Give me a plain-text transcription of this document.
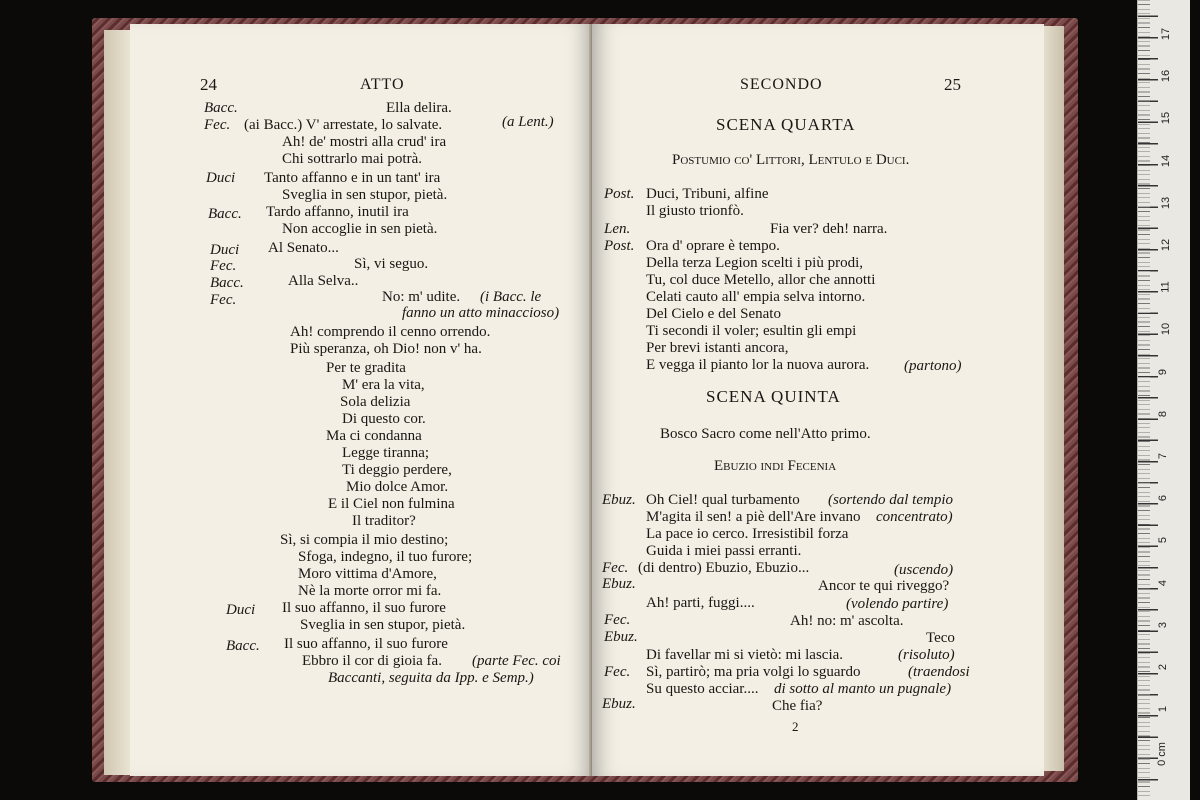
24	ATTO
Bacc.	Ella delira.
Fec. (ai Bacc.) V' arrestate, lo salvate.	(a Lent.)
Ah! de' mostri alla crud' ira
Chi sottrarlo mai potrà.
Duci Tanto affanno e in un tant' ira
Sveglia in sen stupor, pietà.
Bacc. Tardo affanno, inutil ira
Non accoglie in sen pietà.
Duci Al Senato...
Fec.	Sì, vi seguo.
Bacc.	Alla Selva..
Fec.	No: m' udite. (i Bacc. le
fanno un atto minaccioso)
Ah! comprendo il cenno orrendo.
Più speranza, oh Dio! non v' ha.
Per te gradita
M' era la vita,
Sola delizia
Di questo cor.
Ma ci condanna
Legge tiranna;
Ti deggio perdere,
Mio dolce Amor.
E il Ciel non fulmina
Il traditor?
Sì, si compia il mio destino;
Sfoga, indegno, il tuo furore;
Moro vittima d'Amore,
Nè la morte orror mi fa.
Duci Il suo affanno, il suo furore
Sveglia in sen stupor, pietà.
Bacc. Il suo affanno, il suo furore
Ebbro il cor di gioia fa. (parte Fec. coi
Baccanti, seguita da Ipp. e Semp.)
SECONDO	25
SCENA QUARTA
Postumio co' Littori, Lentulo e Duci.
Post. Duci, Tribuni, alfine
Il giusto trionfò.
Len.	Fia ver? deh! narra.
Post. Ora d' oprare è tempo.
Della terza Legion scelti i più prodi,
Tu, col duce Metello, allor che annotti
Celati cauto all' empia selva intorno.
Del Cielo e del Senato
Ti secondi il voler; esultin gli empi
Per brevi istanti ancora,
E vegga il pianto lor la nuova aurora. (partono)
SCENA QUINTA
Bosco Sacro come nell'Atto primo.
Ebuzio indi Fecenia
Ebuz. Oh Ciel! qual turbamento (sortendo dal tempio
M'agita il sen! a piè dell'Are invano concentrato)
La pace io cerco. Irresistibil forza
Guida i miei passi erranti.
Fec. (di dentro) Ebuzio, Ebuzio...	(uscendo)
Ebuz.	Ancor te qui riveggo?
Ah! parti, fuggi....	(volendo partire)
Fec.	Ah! no: m' ascolta.
Ebuz.	Teco
Di favellar mi si vietò: mi lascia.	(risoluto)
Fec. Sì, partirò; ma pria volgi lo sguardo	(traendosi
Su questo acciar.... di sotto al manto un pugnale)
Ebuz.	Che fia?
2
17
16
15
14
13
12
11
10
9
8
7
6
5
4
3
2
1
0 cm
